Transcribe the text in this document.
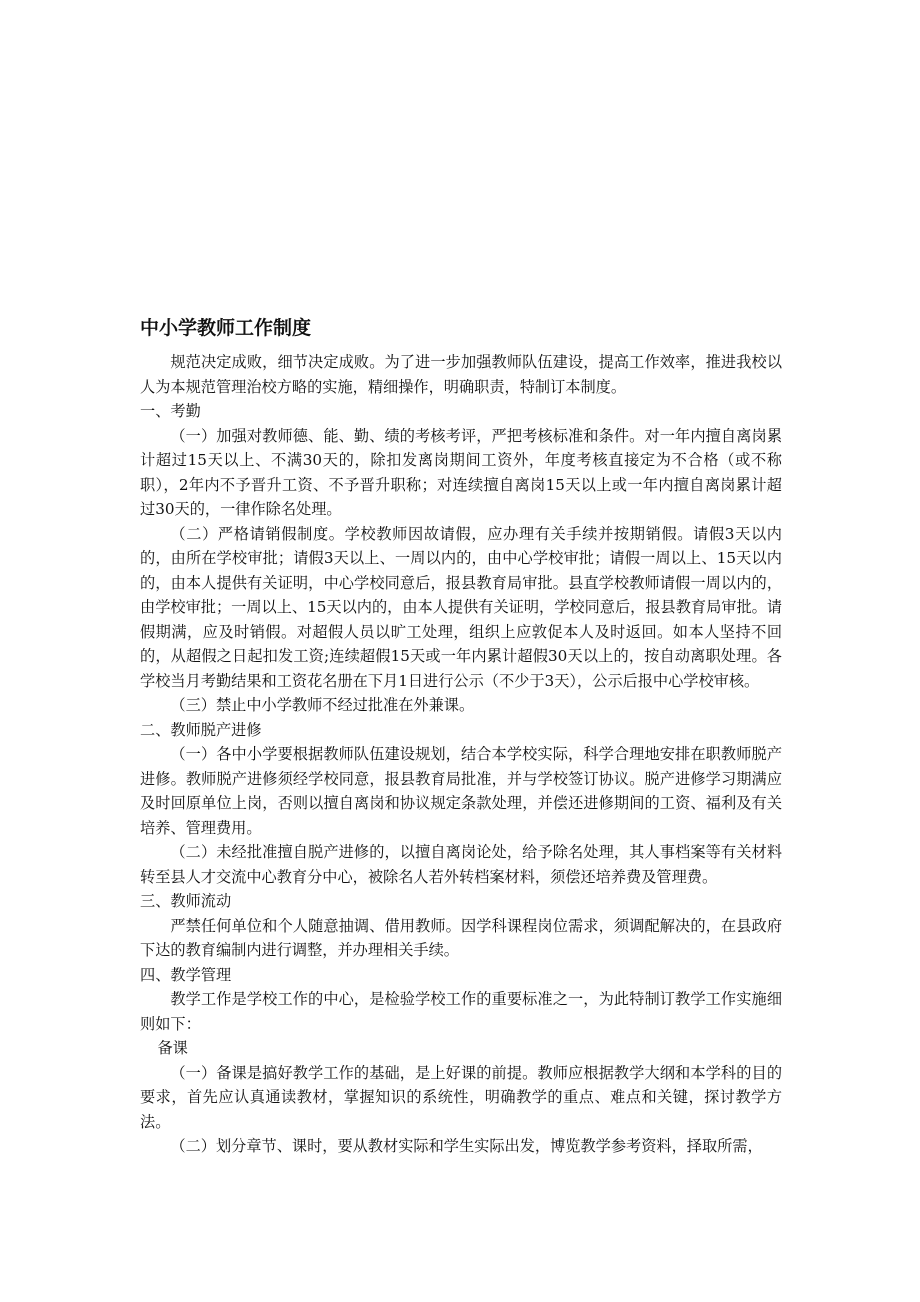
中小学教师工作制度

规范决定成败，细节决定成败。为了进一步加强教师队伍建设，提高工作效率，推进我校以人为本规范管理治校方略的实施，精细操作，明确职责，特制订本制度。

一、考勤

（一）加强对教师德、能、勤、绩的考核考评，严把考核标准和条件。对一年内擅自离岗累计超过15天以上、不满30天的，除扣发离岗期间工资外，年度考核直接定为不合格（或不称职），2年内不予晋升工资、不予晋升职称；对连续擅自离岗15天以上或一年内擅自离岗累计超过30天的，一律作除名处理。

（二）严格请销假制度。学校教师因故请假，应办理有关手续并按期销假。请假3天以内的，由所在学校审批；请假3天以上、一周以内的，由中心学校审批；请假一周以上、15天以内的，由本人提供有关证明，中心学校同意后，报县教育局审批。县直学校教师请假一周以内的，由学校审批；一周以上、15天以内的，由本人提供有关证明，学校同意后，报县教育局审批。请假期满，应及时销假。对超假人员以旷工处理，组织上应敦促本人及时返回。如本人坚持不回的，从超假之日起扣发工资;连续超假15天或一年内累计超假30天以上的，按自动离职处理。各学校当月考勤结果和工资花名册在下月1日进行公示（不少于3天），公示后报中心学校审核。

（三）禁止中小学教师不经过批准在外兼课。

二、教师脱产进修

（一）各中小学要根据教师队伍建设规划，结合本学校实际，科学合理地安排在职教师脱产进修。教师脱产进修须经学校同意，报县教育局批准，并与学校签订协议。脱产进修学习期满应及时回原单位上岗，否则以擅自离岗和协议规定条款处理，并偿还进修期间的工资、福利及有关培养、管理费用。

（二）未经批准擅自脱产进修的，以擅自离岗论处，给予除名处理，其人事档案等有关材料转至县人才交流中心教育分中心，被除名人若外转档案材料，须偿还培养费及管理费。

三、教师流动

严禁任何单位和个人随意抽调、借用教师。因学科课程岗位需求，须调配解决的，在县政府下达的教育编制内进行调整，并办理相关手续。

四、教学管理

教学工作是学校工作的中心，是检验学校工作的重要标准之一，为此特制订教学工作实施细则如下：

备课

（一）备课是搞好教学工作的基础，是上好课的前提。教师应根据教学大纲和本学科的目的要求，首先应认真通读教材，掌握知识的系统性，明确教学的重点、难点和关键，探讨教学方法。

（二）划分章节、课时，要从教材实际和学生实际出发，博览教学参考资料，择取所需，
